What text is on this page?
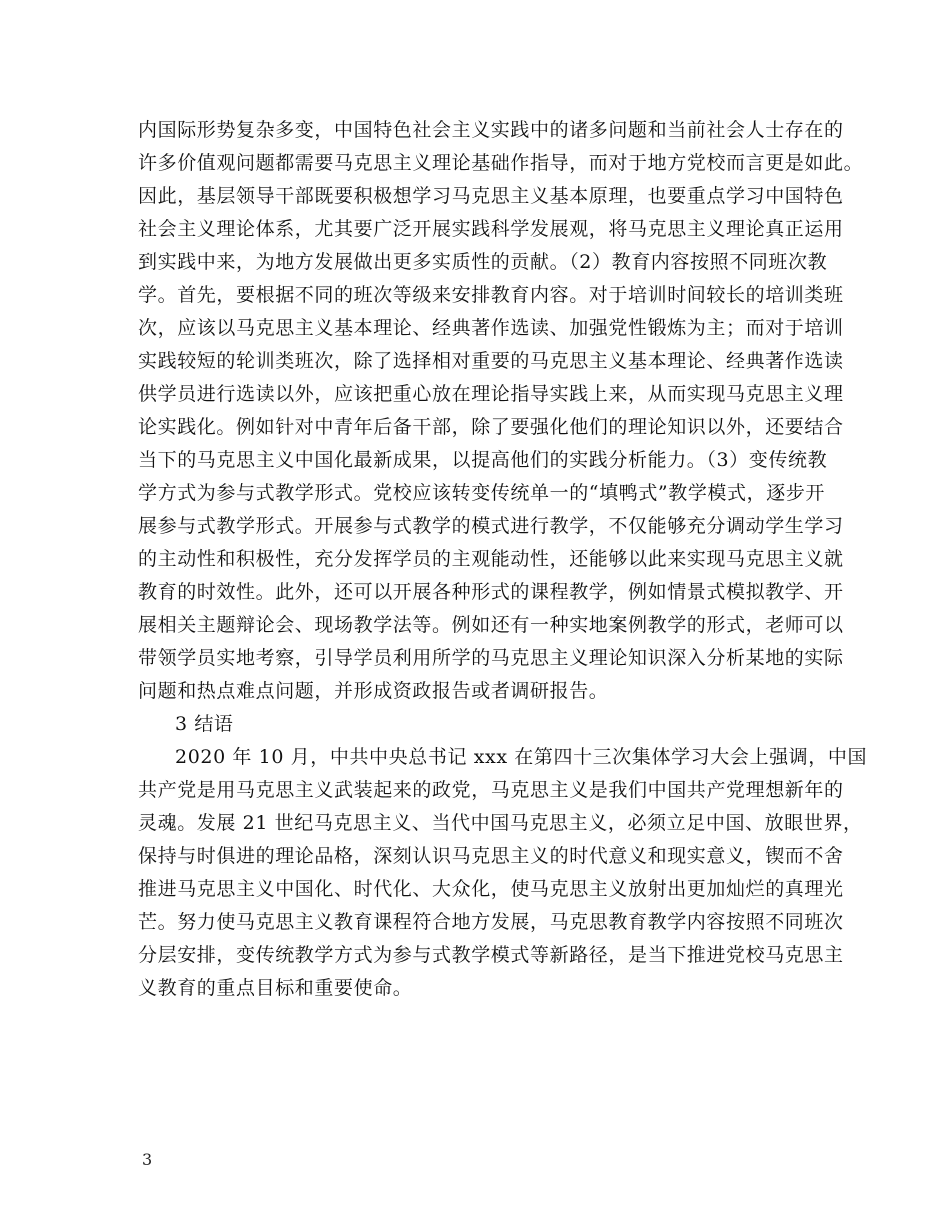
内国际形势复杂多变，中国特色社会主义实践中的诸多问题和当前社会人士存在的
许多价值观问题都需要马克思主义理论基础作指导，而对于地方党校而言更是如此。
因此，基层领导干部既要积极想学习马克思主义基本原理，也要重点学习中国特色
社会主义理论体系，尤其要广泛开展实践科学发展观，将马克思主义理论真正运用
到实践中来，为地方发展做出更多实质性的贡献。（2）教育内容按照不同班次教
学。首先，要根据不同的班次等级来安排教育内容。对于培训时间较长的培训类班
次，应该以马克思主义基本理论、经典著作选读、加强党性锻炼为主；而对于培训
实践较短的轮训类班次，除了选择相对重要的马克思主义基本理论、经典著作选读
供学员进行选读以外，应该把重心放在理论指导实践上来，从而实现马克思主义理
论实践化。例如针对中青年后备干部，除了要强化他们的理论知识以外，还要结合
当下的马克思主义中国化最新成果，以提高他们的实践分析能力。（3）变传统教
学方式为参与式教学形式。党校应该转变传统单一的“填鸭式”教学模式，逐步开
展参与式教学形式。开展参与式教学的模式进行教学，不仅能够充分调动学生学习
的主动性和积极性，充分发挥学员的主观能动性，还能够以此来实现马克思主义就
教育的时效性。此外，还可以开展各种形式的课程教学，例如情景式模拟教学、开
展相关主题辩论会、现场教学法等。例如还有一种实地案例教学的形式，老师可以
带领学员实地考察，引导学员利用所学的马克思主义理论知识深入分析某地的实际
问题和热点难点问题，并形成资政报告或者调研报告。
3 结语
2020 年 10 月，中共中央总书记 xxx 在第四十三次集体学习大会上强调，中国
共产党是用马克思主义武装起来的政党，马克思主义是我们中国共产党理想新年的
灵魂。发展 21 世纪马克思主义、当代中国马克思主义，必须立足中国、放眼世界，
保持与时俱进的理论品格，深刻认识马克思主义的时代意义和现实意义，锲而不舍
推进马克思主义中国化、时代化、大众化，使马克思主义放射出更加灿烂的真理光
芒。努力使马克思主义教育课程符合地方发展，马克思教育教学内容按照不同班次
分层安排，变传统教学方式为参与式教学模式等新路径，是当下推进党校马克思主
义教育的重点目标和重要使命。
3
